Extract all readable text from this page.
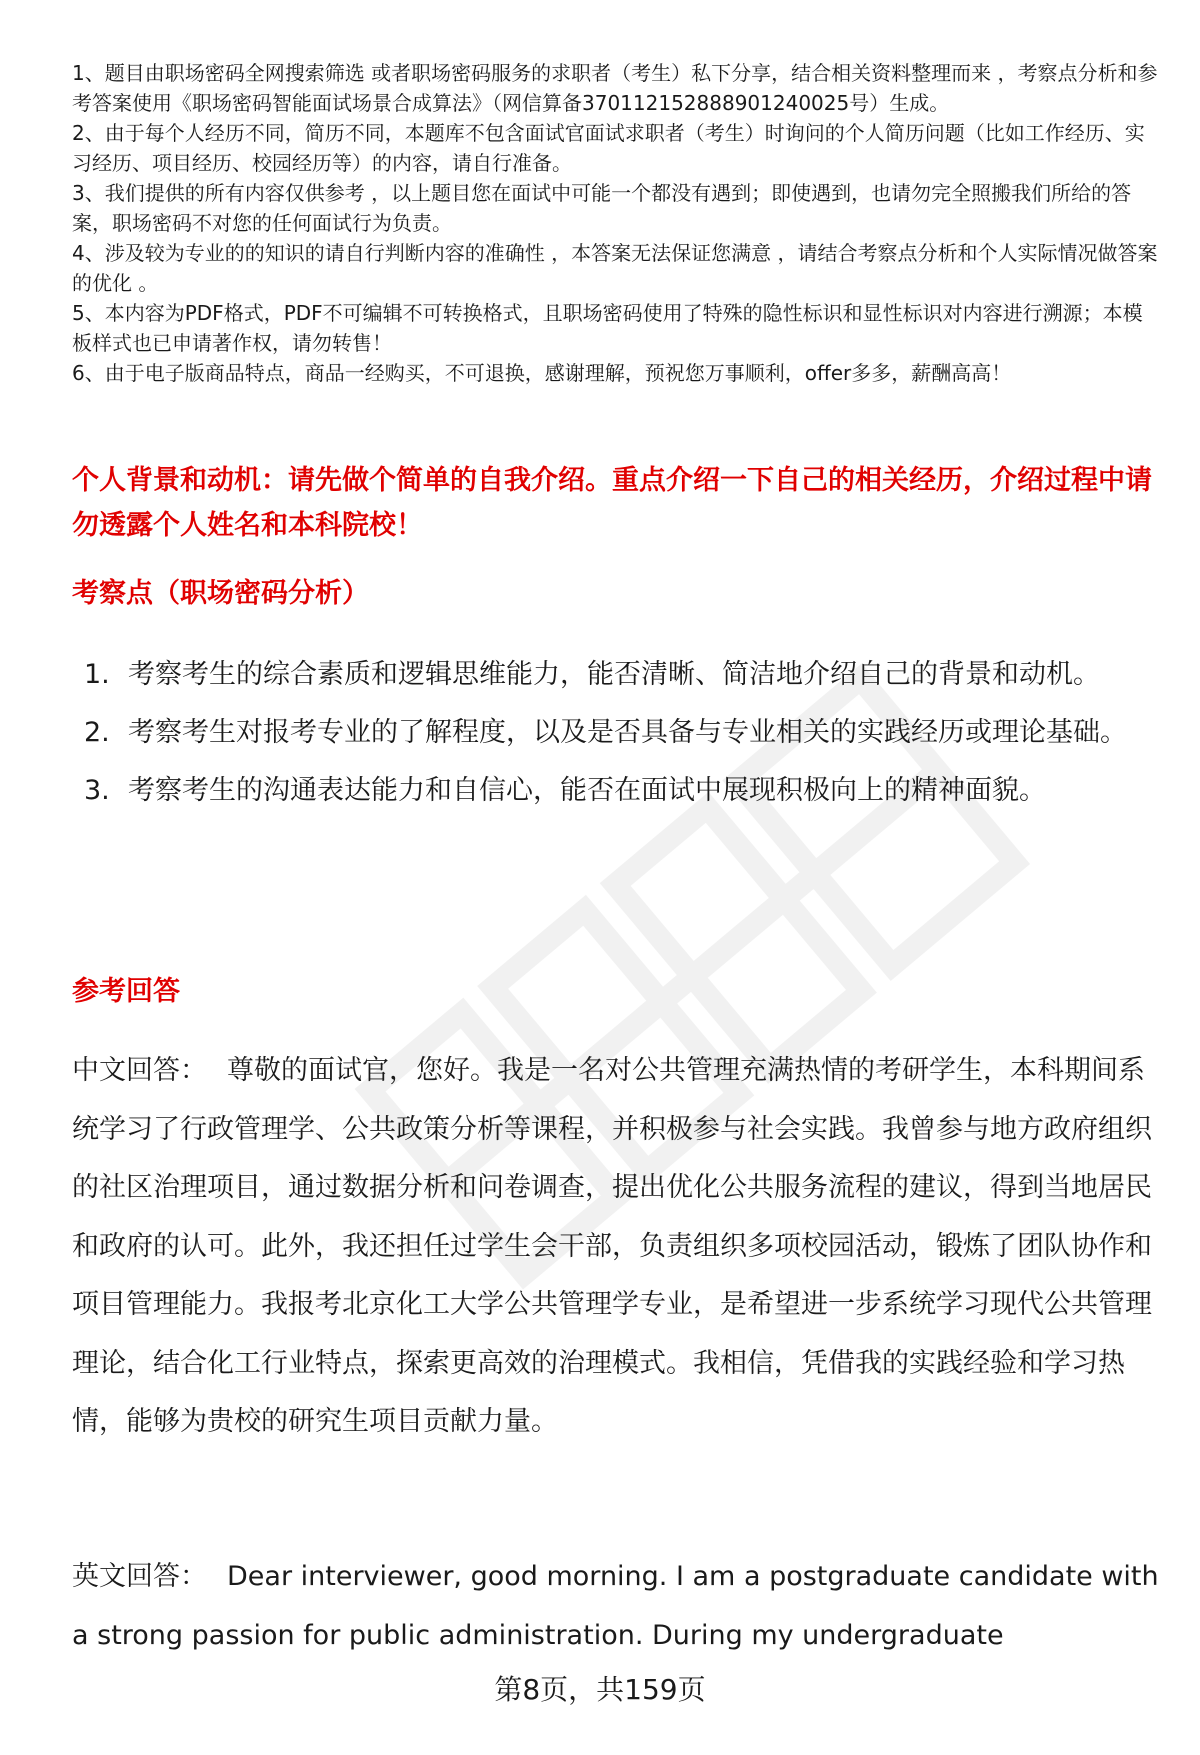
1、题目由职场密码全网搜索筛选 或者职场密码服务的求职者（考生）私下分享，结合相关资料整理而来 ，考察点分析和参考答案使用《职场密码智能面试场景合成算法》（网信算备370112152888901240025号）生成。
2、由于每个人经历不同，简历不同，本题库不包含面试官面试求职者（考生）时询问的个人简历问题（比如工作经历、实习经历、项目经历、校园经历等）的内容，请自行准备。
3、我们提供的所有内容仅供参考 ，以上题目您在面试中可能一个都没有遇到；即使遇到，也请勿完全照搬我们所给的答案，职场密码不对您的任何面试行为负责。
4、涉及较为专业的的知识的请自行判断内容的准确性 ，本答案无法保证您满意 ，请结合考察点分析和个人实际情况做答案的优化 。
5、本内容为PDF格式，PDF不可编辑不可转换格式，且职场密码使用了特殊的隐性标识和显性标识对内容进行溯源；本模板样式也已申请著作权，请勿转售！
6、由于电子版商品特点，商品一经购买，不可退换，感谢理解，预祝您万事顺利，offer多多，薪酬高高！

个人背景和动机：请先做个简单的自我介绍。重点介绍一下自己的相关经历，介绍过程中请勿透露个人姓名和本科院校！

考察点（职场密码分析）

1. 考察考生的综合素质和逻辑思维能力，能否清晰、简洁地介绍自己的背景和动机。
2. 考察考生对报考专业的了解程度，以及是否具备与专业相关的实践经历或理论基础。
3. 考察考生的沟通表达能力和自信心，能否在面试中展现积极向上的精神面貌。

参考回答

中文回答： 尊敬的面试官，您好。我是一名对公共管理充满热情的考研学生，本科期间系统学习了行政管理学、公共政策分析等课程，并积极参与社会实践。我曾参与地方政府组织的社区治理项目，通过数据分析和问卷调查，提出优化公共服务流程的建议，得到当地居民和政府的认可。此外，我还担任过学生会干部，负责组织多项校园活动，锻炼了团队协作和项目管理能力。我报考北京化工大学公共管理学专业，是希望进一步系统学习现代公共管理理论，结合化工行业特点，探索更高效的治理模式。我相信，凭借我的实践经验和学习热情，能够为贵校的研究生项目贡献力量。

英文回答： Dear interviewer, good morning. I am a postgraduate candidate with a strong passion for public administration. During my undergraduate

第8页，共159页
